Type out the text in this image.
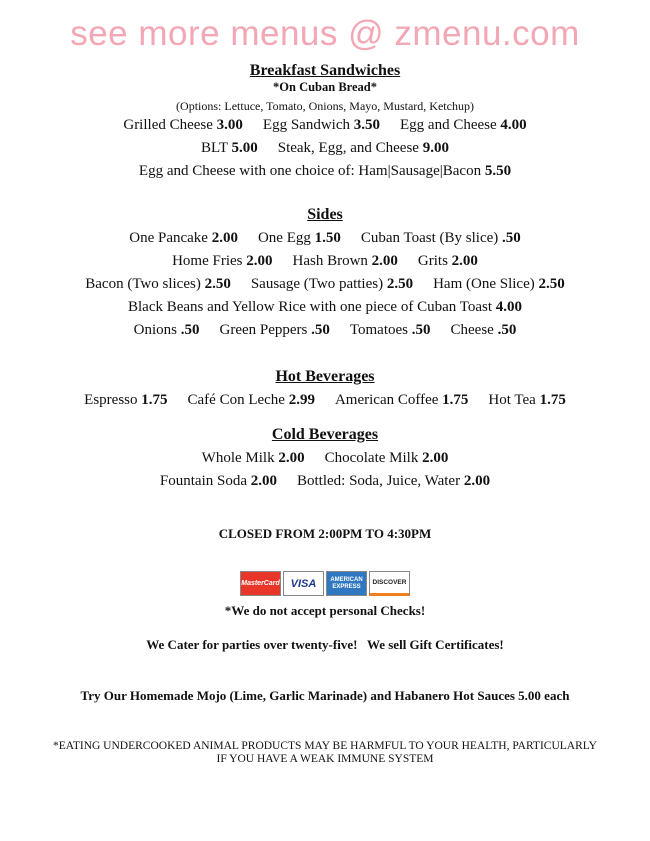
see more menus @ zmenu.com
Breakfast Sandwiches
*On Cuban Bread*
(Options: Lettuce, Tomato, Onions, Mayo, Mustard, Ketchup)
Grilled Cheese 3.00 Egg Sandwich 3.50 Egg and Cheese 4.00
BLT 5.00 Steak, Egg, and Cheese 9.00
Egg and Cheese with one choice of: Ham|Sausage|Bacon 5.50
Sides
One Pancake 2.00 One Egg 1.50 Cuban Toast (By slice) .50
Home Fries 2.00 Hash Brown 2.00 Grits 2.00
Bacon (Two slices) 2.50 Sausage (Two patties) 2.50 Ham (One Slice) 2.50
Black Beans and Yellow Rice with one piece of Cuban Toast 4.00
Onions .50 Green Peppers .50 Tomatoes .50 Cheese .50
Hot Beverages
Espresso 1.75 Café Con Leche 2.99 American Coffee 1.75 Hot Tea 1.75
Cold Beverages
Whole Milk 2.00 Chocolate Milk 2.00
Fountain Soda 2.00 Bottled: Soda, Juice, Water 2.00
CLOSED FROM 2:00PM TO 4:30PM
MasterCard VISA	AMERICAN EXPRESS
DISCOVER
*We do not accept personal Checks!
We Cater for parties over twenty-five!   We sell Gift Certificates!
Try Our Homemade Mojo (Lime, Garlic Marinade) and Habanero Hot Sauces 5.00 each
*EATING UNDERCOOKED ANIMAL PRODUCTS MAY BE HARMFUL TO YOUR HEALTH, PARTICULARLY
IF YOU HAVE A WEAK IMMUNE SYSTEM
